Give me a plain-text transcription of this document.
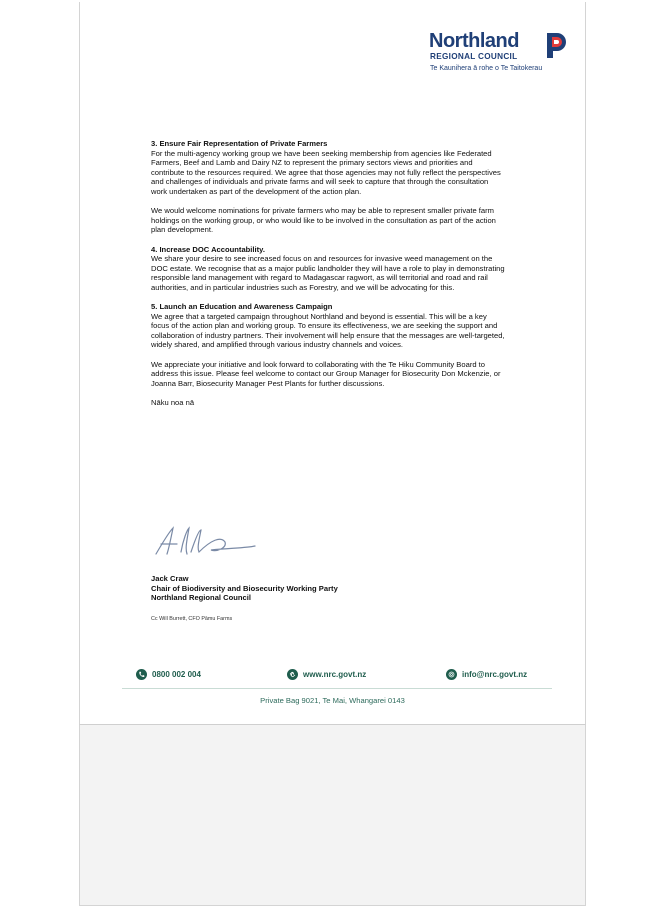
Northland
REGIONAL COUNCIL
Te Kaunihera ā rohe o Te Taitokerau
3. Ensure Fair Representation of Private Farmers

For the multi-agency working group we have been seeking membership from agencies like Federated Farmers, Beef and Lamb and Dairy NZ to represent the primary sectors views and priorities and contribute to the resources required. We agree that those agencies may not fully reflect the perspectives and challenges of individuals and private farms and will seek to capture that through the consultation work undertaken as part of the development of the action plan.

We would welcome nominations for private farmers who may be able to represent smaller private farm holdings on the working group, or who would like to be involved in the consultation as part of the action plan development.

4. Increase DOC Accountability.

We share your desire to see increased focus on and resources for invasive weed management on the DOC estate. We recognise that as a major public landholder they will have a role to play in demonstrating responsible land management with regard to Madagascar ragwort, as will territorial and road and rail authorities, and in particular industries such as Forestry, and we will be advocating for this.

5. Launch an Education and Awareness Campaign

We agree that a targeted campaign throughout Northland and beyond is essential. This will be a key focus of the action plan and working group. To ensure its effectiveness, we are seeking the support and collaboration of industry partners. Their involvement will help ensure that the messages are well-targeted, widely shared, and amplified through various industry channels and voices.

We appreciate your initiative and look forward to collaborating with the Te Hiku Community Board to address this issue. Please feel welcome to contact our Group Manager for Biosecurity Don Mckenzie, or Joanna Barr, Biosecurity Manager Pest Plants for further discussions.

Nāku noa nā

Jack Craw
Chair of Biodiversity and Biosecurity Working Party
Northland Regional Council
Cc Will Burrett, CFO Pāmu Farms
0800 002 004	www.nrc.govt.nz	info@nrc.govt.nz
Private Bag 9021, Te Mai, Whangarei 0143
